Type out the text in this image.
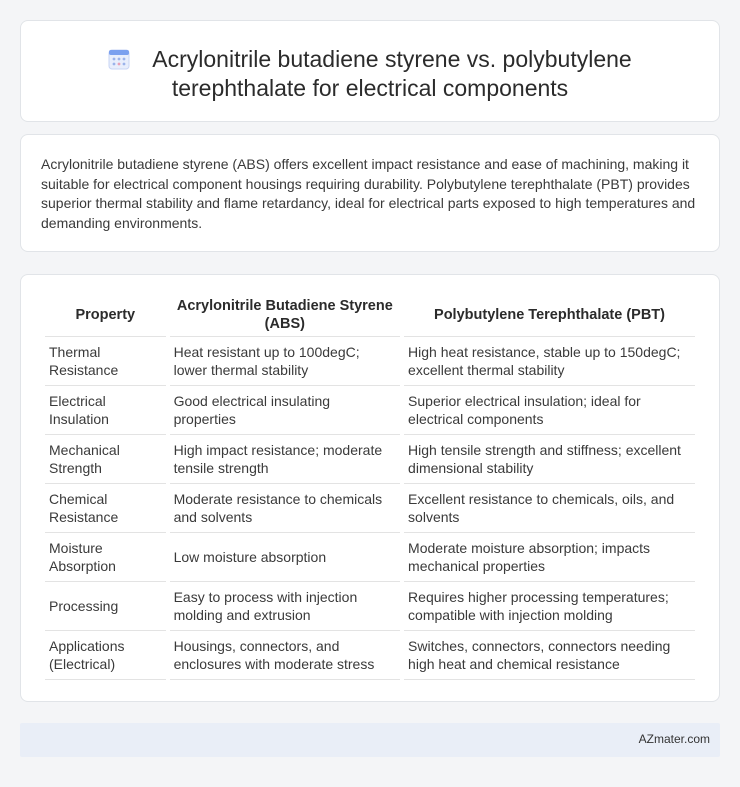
Acrylonitrile butadiene styrene vs. polybutylene terephthalate for electrical components

Acrylonitrile butadiene styrene (ABS) offers excellent impact resistance and ease of machining, making it suitable for electrical component housings requiring durability. Polybutylene terephthalate (PBT) provides superior thermal stability and flame retardancy, ideal for electrical parts exposed to high temperatures and demanding environments.

Property	Acrylonitrile Butadiene Styrene (ABS)	Polybutylene Terephthalate (PBT)
Thermal Resistance	Heat resistant up to 100degC; lower thermal stability	High heat resistance, stable up to 150degC; excellent thermal stability
Electrical Insulation	Good electrical insulating properties	Superior electrical insulation; ideal for electrical components
Mechanical Strength	High impact resistance; moderate tensile strength	High tensile strength and stiffness; excellent dimensional stability
Chemical Resistance	Moderate resistance to chemicals and solvents	Excellent resistance to chemicals, oils, and solvents
Moisture Absorption	Low moisture absorption	Moderate moisture absorption; impacts mechanical properties
Processing	Easy to process with injection molding and extrusion	Requires higher processing temperatures; compatible with injection molding
Applications (Electrical)	Housings, connectors, and enclosures with moderate stress	Switches, connectors, connectors needing high heat and chemical resistance
AZmater.com
